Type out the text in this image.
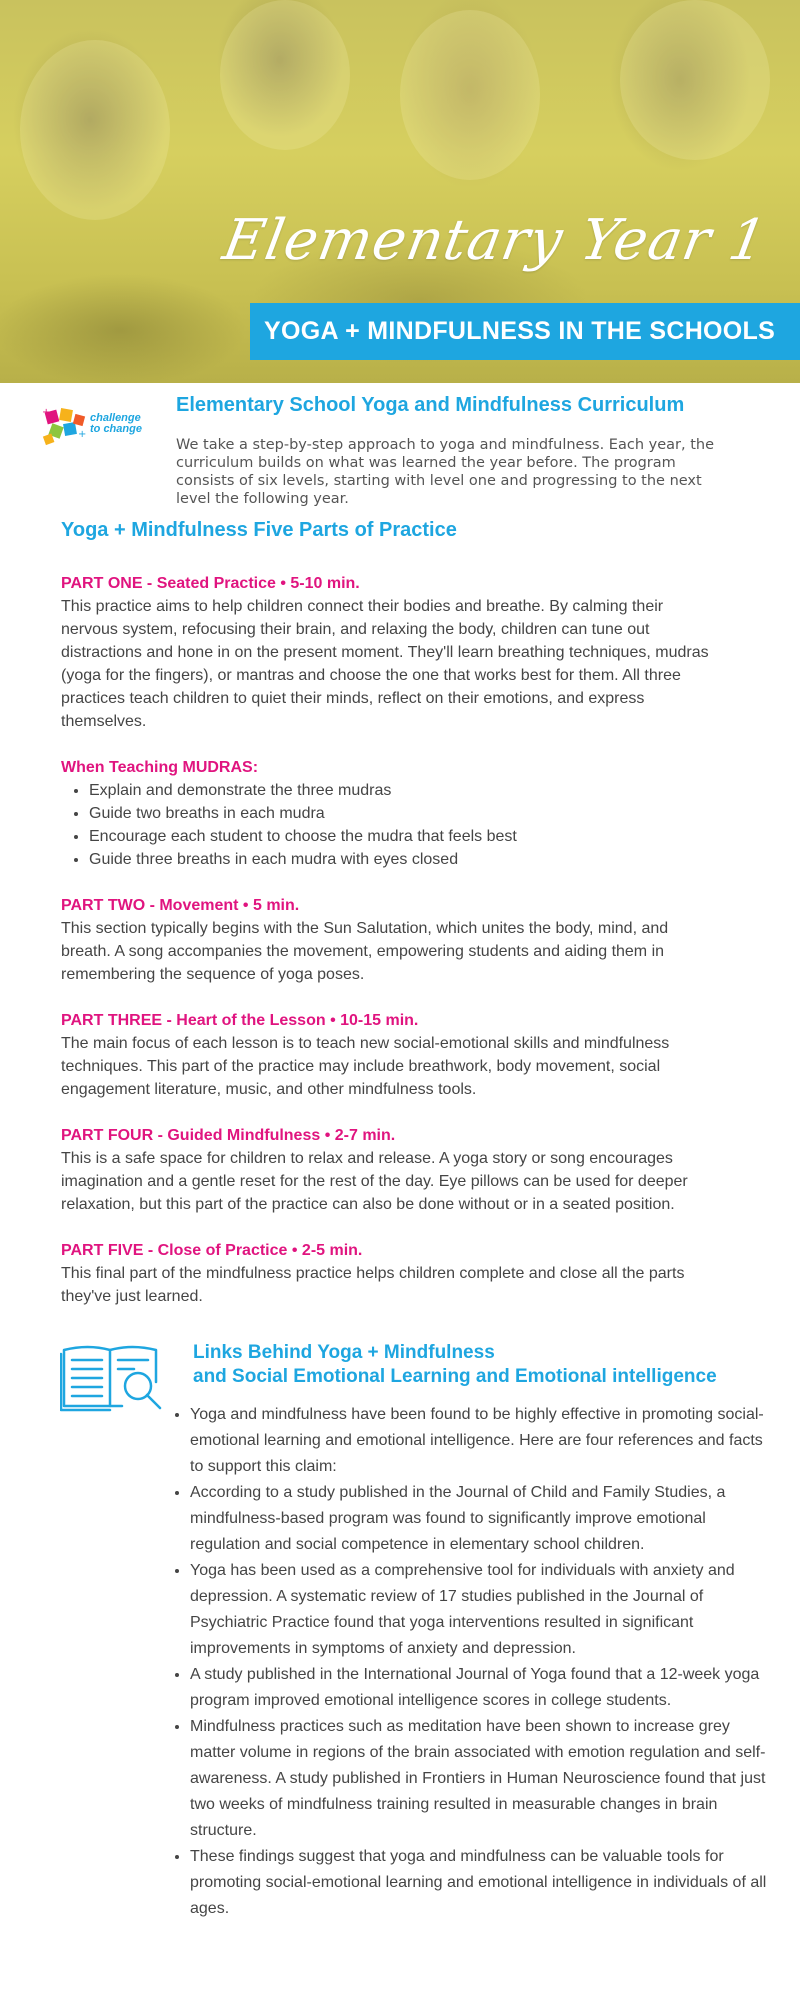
Elementary Year 1
YOGA + MINDFULNESS IN THE SCHOOLS
+
+
challenge
to change
Elementary School Yoga and Mindfulness Curriculum
We take a step-by-step approach to yoga and mindfulness. Each year, the curriculum builds on what was learned the year before. The program consists of six levels, starting with level one and progressing to the next level the following year.
Yoga + Mindfulness Five Parts of Practice
PART ONE - Seated Practice • 5-10 min.

This practice aims to help children connect their bodies and breathe. By calming their nervous system, refocusing their brain, and relaxing the body, children can tune out distractions and hone in on the present moment. They'll learn breathing techniques, mudras (yoga for the fingers), or mantras and choose the one that works best for them. All three practices teach children to quiet their minds, reflect on their emotions, and express themselves.

When Teaching MUDRAS:
• Explain and demonstrate the three mudras
• Guide two breaths in each mudra
• Encourage each student to choose the mudra that feels best
• Guide three breaths in each mudra with eyes closed
PART TWO - Movement • 5 min.

This section typically begins with the Sun Salutation, which unites the body, mind, and breath. A song accompanies the movement, empowering students and aiding them in remembering the sequence of yoga poses.

PART THREE - Heart of the Lesson • 10-15 min.

The main focus of each lesson is to teach new social-emotional skills and mindfulness techniques. This part of the practice may include breathwork, body movement, social engagement literature, music, and other mindfulness tools.

PART FOUR - Guided Mindfulness • 2-7 min.

This is a safe space for children to relax and release. A yoga story or song encourages imagination and a gentle reset for the rest of the day. Eye pillows can be used for deeper relaxation, but this part of the practice can also be done without or in a seated position.

PART FIVE - Close of Practice • 2-5 min.

This final part of the mindfulness practice helps children complete and close all the parts they've just learned.

Links Behind Yoga + Mindfulness
and Social Emotional Learning and Emotional intelligence
• Yoga and mindfulness have been found to be highly effective in promoting social-emotional learning and emotional intelligence. Here are four references and facts to support this claim:
• According to a study published in the Journal of Child and Family Studies, a mindfulness-based program was found to significantly improve emotional regulation and social competence in elementary school children.
• Yoga has been used as a comprehensive tool for individuals with anxiety and depression. A systematic review of 17 studies published in the Journal of Psychiatric Practice found that yoga interventions resulted in significant improvements in symptoms of anxiety and depression.
• A study published in the International Journal of Yoga found that a 12-week yoga program improved emotional intelligence scores in college students.
• Mindfulness practices such as meditation have been shown to increase grey matter volume in regions of the brain associated with emotion regulation and self-awareness. A study published in Frontiers in Human Neuroscience found that just two weeks of mindfulness training resulted in measurable changes in brain structure.
• These findings suggest that yoga and mindfulness can be valuable tools for promoting social-emotional learning and emotional intelligence in individuals of all ages.
